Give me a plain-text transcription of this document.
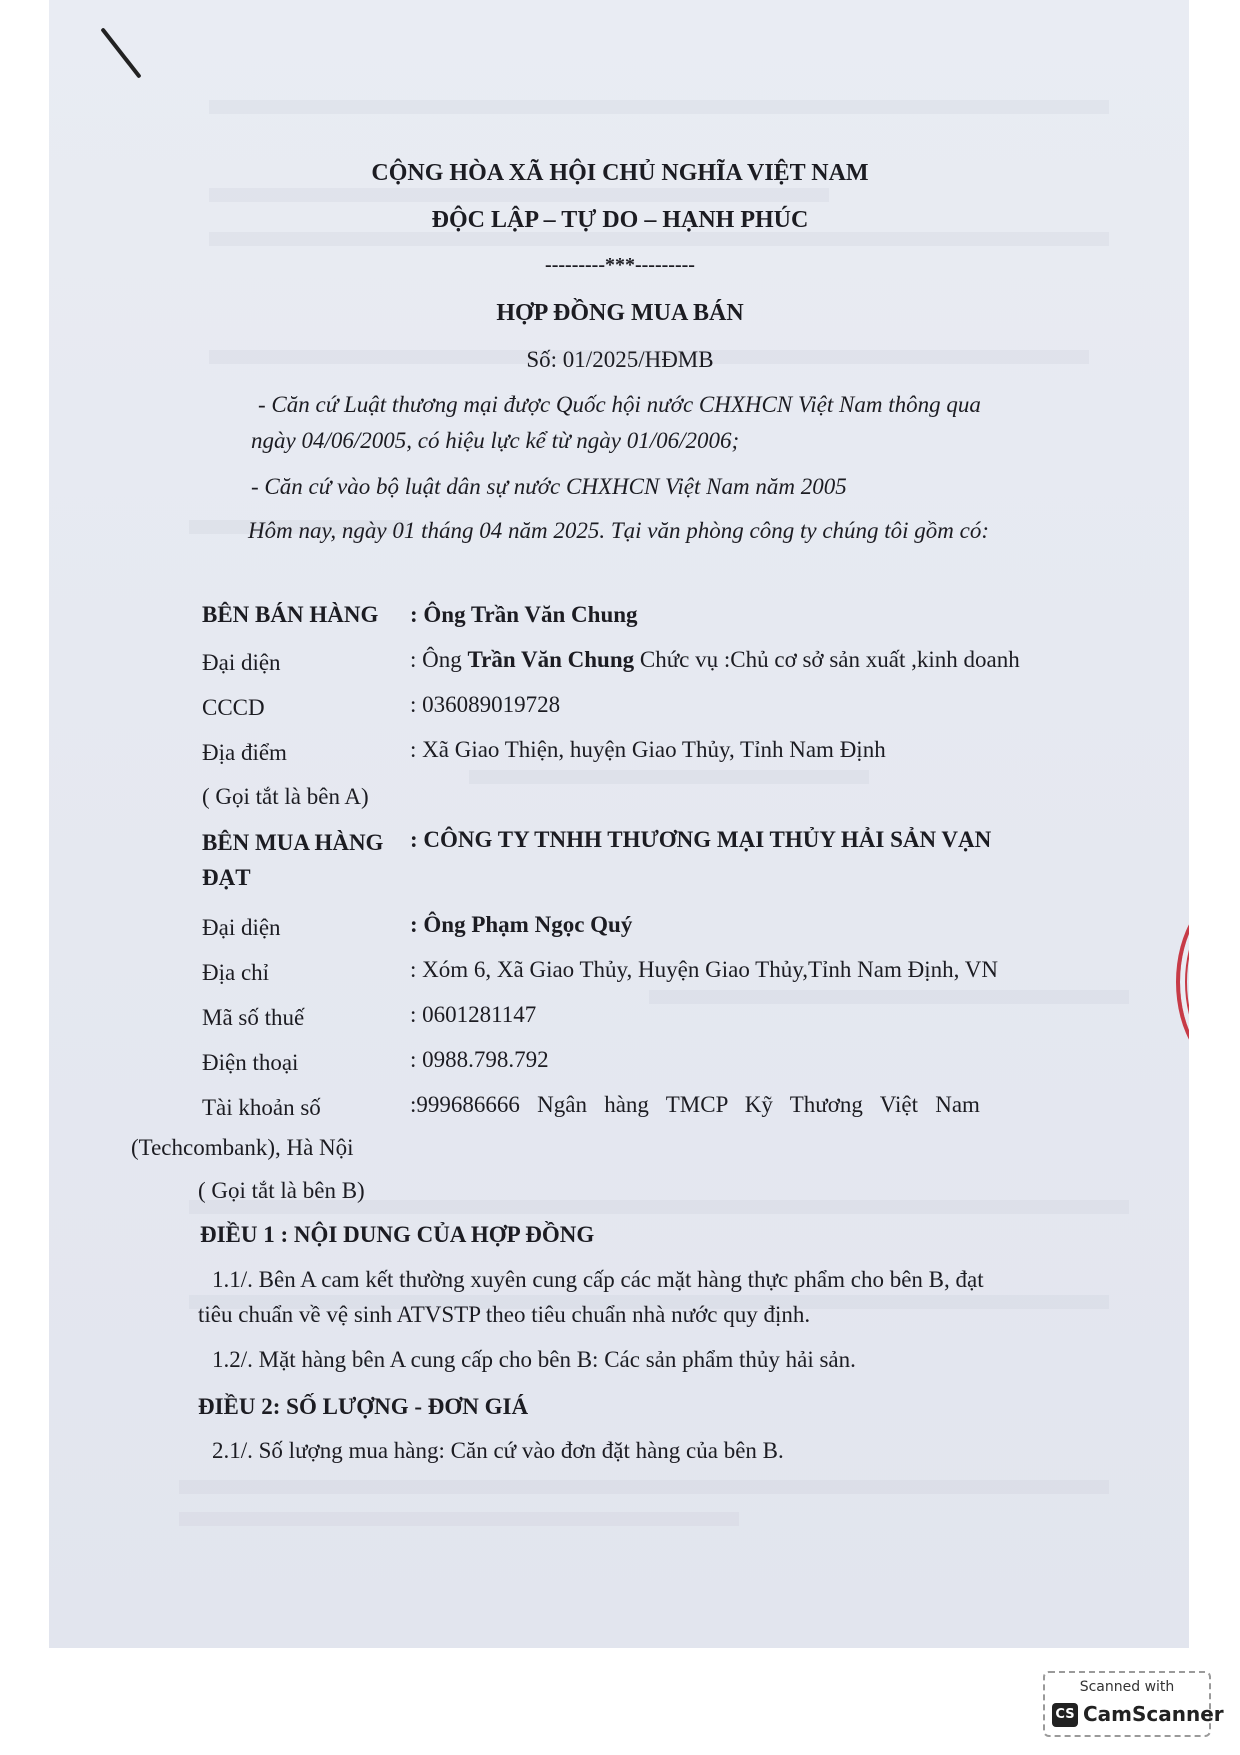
CỘNG HÒA XÃ HỘI CHỦ NGHĨA VIỆT NAM
ĐỘC LẬP – TỰ DO – HẠNH PHÚC
---------***---------
HỢP ĐỒNG MUA BÁN
Số: 01/2025/HĐMB
- Căn cứ Luật thương mại được Quốc hội nước CHXHCN Việt Nam thông qua
ngày 04/06/2005, có hiệu lực kể từ ngày 01/06/2006;
- Căn cứ vào bộ luật dân sự nước CHXHCN Việt Nam năm 2005
Hôm nay, ngày 01 tháng 04 năm 2025. Tại văn phòng công ty chúng tôi gồm có:
BÊN BÁN HÀNG : Ông Trần Văn Chung
Đại diện	: Ông Trần Văn Chung Chức vụ :Chủ cơ sở sản xuất ,kinh doanh
CCCD	: 036089019728
Địa điểm	: Xã Giao Thiện, huyện Giao Thủy, Tỉnh Nam Định
( Gọi tắt là bên A)
BÊN MUA HÀNG : CÔNG TY TNHH THƯƠNG MẠI THỦY HẢI SẢN VẠN
ĐẠT
Đại diện	: Ông Phạm Ngọc Quý
Địa chỉ	: Xóm 6, Xã Giao Thủy, Huyện Giao Thủy,Tỉnh Nam Định, VN
Mã số thuế	: 0601281147
Điện thoại	: 0988.798.792
Tài khoản số	:999686666   Ngân   hàng   TMCP   Kỹ   Thương   Việt   Nam
(Techcombank), Hà Nội
( Gọi tắt là bên B)
ĐIỀU 1 : NỘI DUNG CỦA HỢP ĐỒNG
1.1/. Bên A cam kết thường xuyên cung cấp các mặt hàng thực phẩm cho bên B, đạt
tiêu chuẩn về vệ sinh ATVSTP theo tiêu chuẩn nhà nước quy định.
1.2/. Mặt hàng bên A cung cấp cho bên B: Các sản phẩm thủy hải sản.
ĐIỀU 2: SỐ LƯỢNG - ĐƠN GIÁ
2.1/. Số lượng mua hàng: Căn cứ vào đơn đặt hàng của bên B.
Scanned with
CS CamScanner
